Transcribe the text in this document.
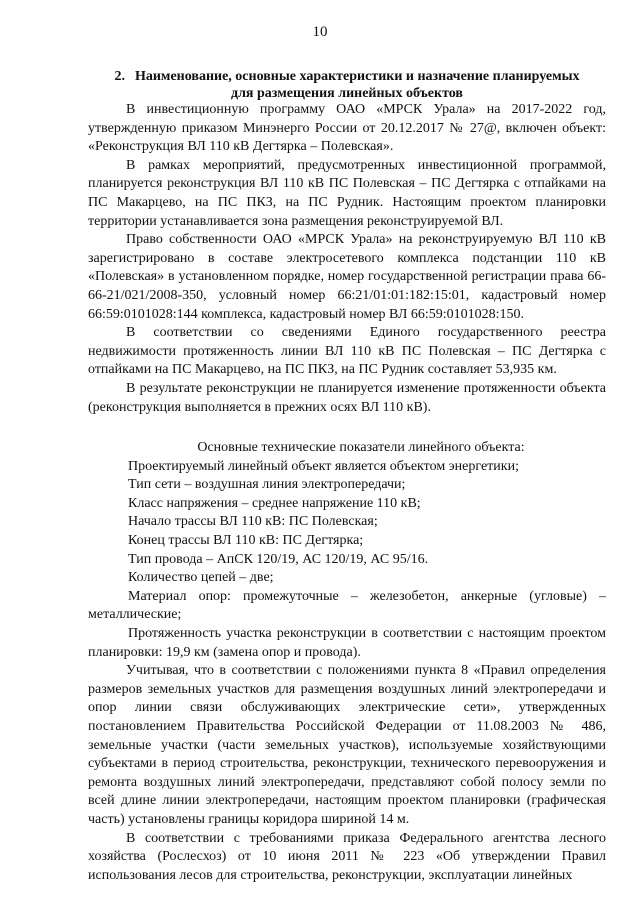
10
2. Наименование, основные характеристики и назначение планируемых
для размещения линейных объектов

В инвестиционную программу ОАО «МРСК Урала» на 2017-2022 год, утвержденную приказом Минэнерго России от 20.12.2017 № 27@, включен объект: «Реконструкция ВЛ 110 кВ Дегтярка – Полевская».

В рамках мероприятий, предусмотренных инвестиционной программой, планируется реконструкция ВЛ 110 кВ ПС Полевская – ПС Дегтярка с отпайками на ПС Макарцево, на ПС ПКЗ, на ПС Рудник. Настоящим проектом планировки территории устанавливается зона размещения реконструируемой ВЛ.

Право собственности ОАО «МРСК Урала» на реконструируемую ВЛ 110 кВ зарегистрировано в составе электросетевого комплекса подстанции 110 кВ «Полевская» в установленном порядке, номер государственной регистрации права 66-66-21/021/2008-350, условный номер 66:21/01:01:182:15:01, кадастровый номер 66:59:0101028:144 комплекса, кадастровый номер ВЛ 66:59:0101028:150.

В соответствии со сведениями Единого государственного реестра недвижимости протяженность линии ВЛ 110 кВ ПС Полевская – ПС Дегтярка с отпайками на ПС Макарцево, на ПС ПКЗ, на ПС Рудник составляет 53,935 км.

В результате реконструкции не планируется изменение протяженности объекта (реконструкция выполняется в прежних осях ВЛ 110 кВ).

Основные технические показатели линейного объекта:

Проектируемый линейный объект является объектом энергетики;

Тип сети – воздушная линия электропередачи;

Класс напряжения – среднее напряжение 110 кВ;

Начало трассы ВЛ 110 кВ: ПС Полевская;

Конец трассы ВЛ 110 кВ: ПС Дегтярка;

Тип провода – АпСК 120/19, АС 120/19, АС 95/16.

Количество цепей – две;

Материал опор: промежуточные – железобетон, анкерные (угловые) – металлические;

Протяженность участка реконструкции в соответствии с настоящим проектом планировки: 19,9 км (замена опор и провода).

Учитывая, что в соответствии с положениями пункта 8 «Правил определения размеров земельных участков для размещения воздушных линий электропередачи и опор линии связи обслуживающих электрические сети», утвержденных постановлением Правительства Российской Федерации от 11.08.2003 № 486, земельные участки (части земельных участков), используемые хозяйствующими субъектами в период строительства, реконструкции, технического перевооружения и ремонта воздушных линий электропередачи, представляют собой полосу земли по всей длине линии электропередачи, настоящим проектом планировки (графическая часть) установлены границы коридора шириной 14 м.

В соответствии с требованиями приказа Федерального агентства лесного хозяйства (Рослесхоз) от 10 июня 2011 № 223 «Об утверждении Правил использования лесов для строительства, реконструкции, эксплуатации линейных
